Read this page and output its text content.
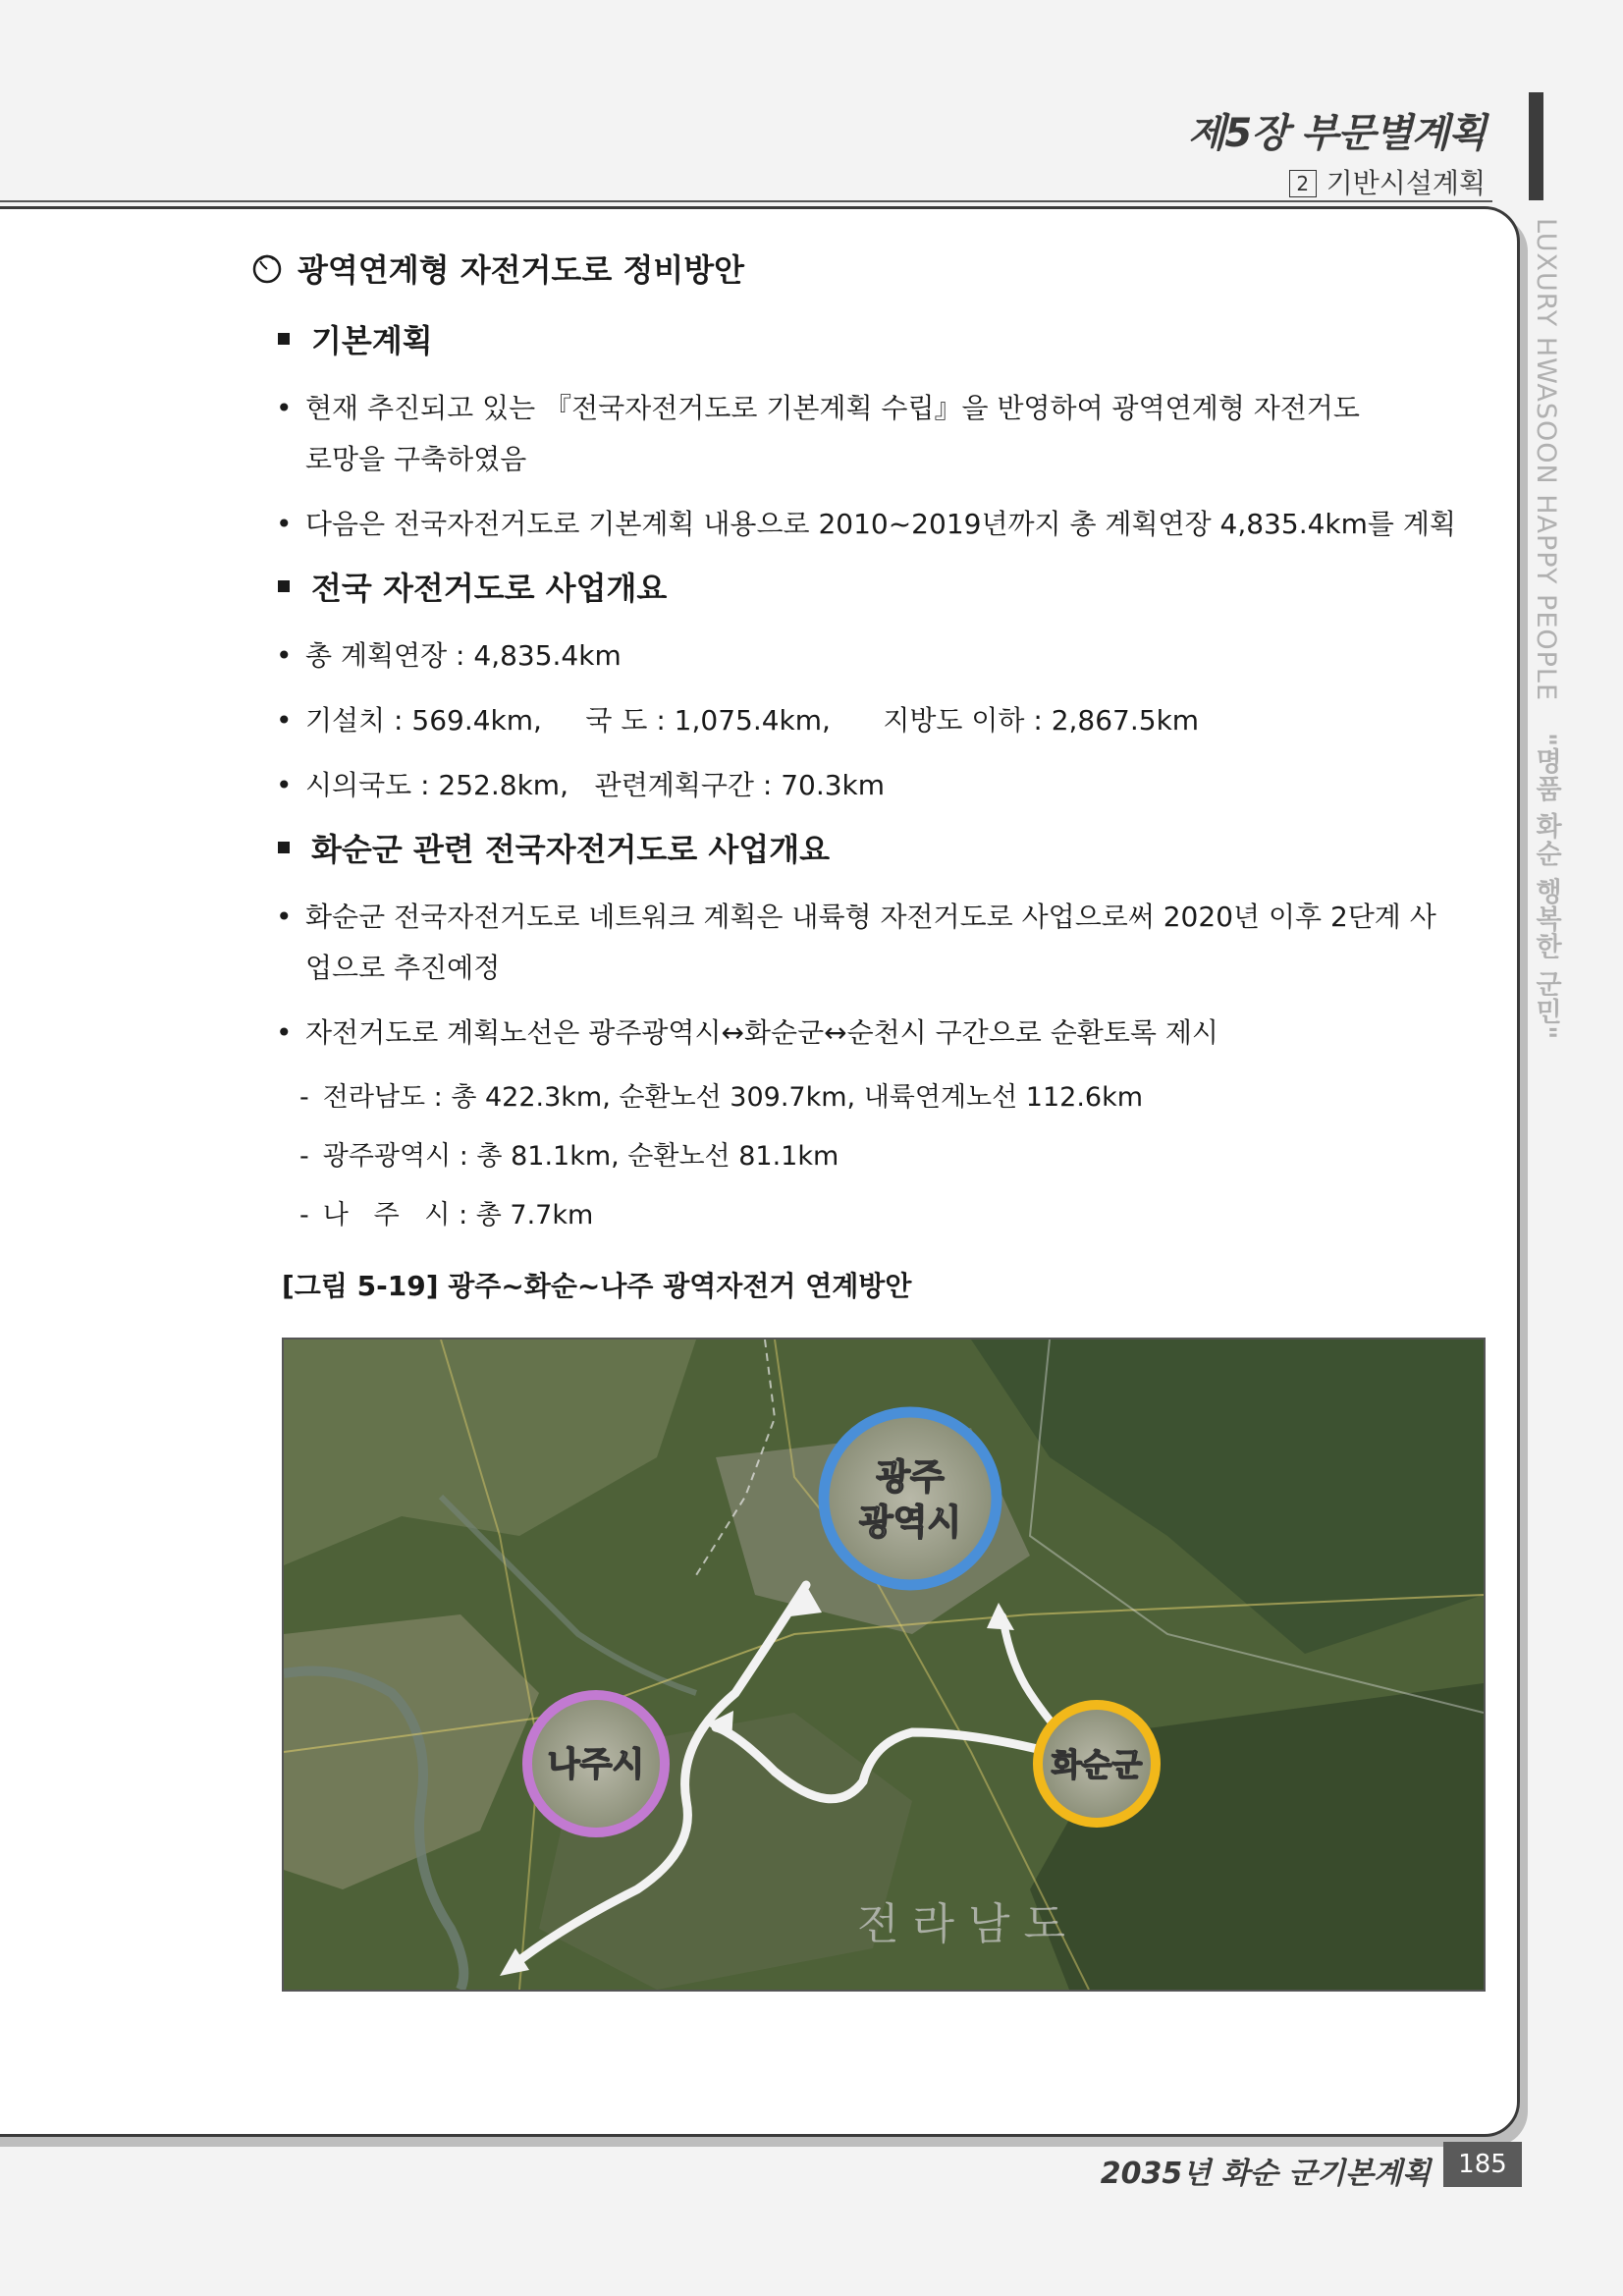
제5장 부문별계획
2 기반시설계획
LUXURY HWASOON HAPPY PEOPLE "명품 화순 행복한 군민"
광역연계형 자전거도로 정비방안
기본계획
• 현재 추진되고 있는 『전국자전거도로 기본계획 수립』을 반영하여 광역연계형 자전거도로망을 구축하였음
• 다음은 전국자전거도로 기본계획 내용으로 2010~2019년까지 총 계획연장 4,835.4km를 계획
전국 자전거도로 사업개요
• 총 계획연장 : 4,835.4km
• 기설치 : 569.4km,     국 도 : 1,075.4km,      지방도 이하 : 2,867.5km
• 시의국도 : 252.8km,   관련계획구간 : 70.3km
화순군 관련 전국자전거도로 사업개요
• 화순군 전국자전거도로 네트워크 계획은 내륙형 자전거도로 사업으로써 2020년 이후 2단계 사업으로 추진예정
• 자전거도로 계획노선은 광주광역시↔화순군↔순천시 구간으로 순환토록 제시
- 전라남도 : 총 422.3km, 순환노선 309.7km, 내륙연계노선 112.6km
- 광주광역시 : 총 81.1km, 순환노선 81.1km
- 나   주   시 : 총 7.7km
[그림 5-19] 광주~화순~나주 광역자전거 연계방안
광주
광역시
나주시	화순군
전 라 남 도
2035년 화순 군기본계획	185
